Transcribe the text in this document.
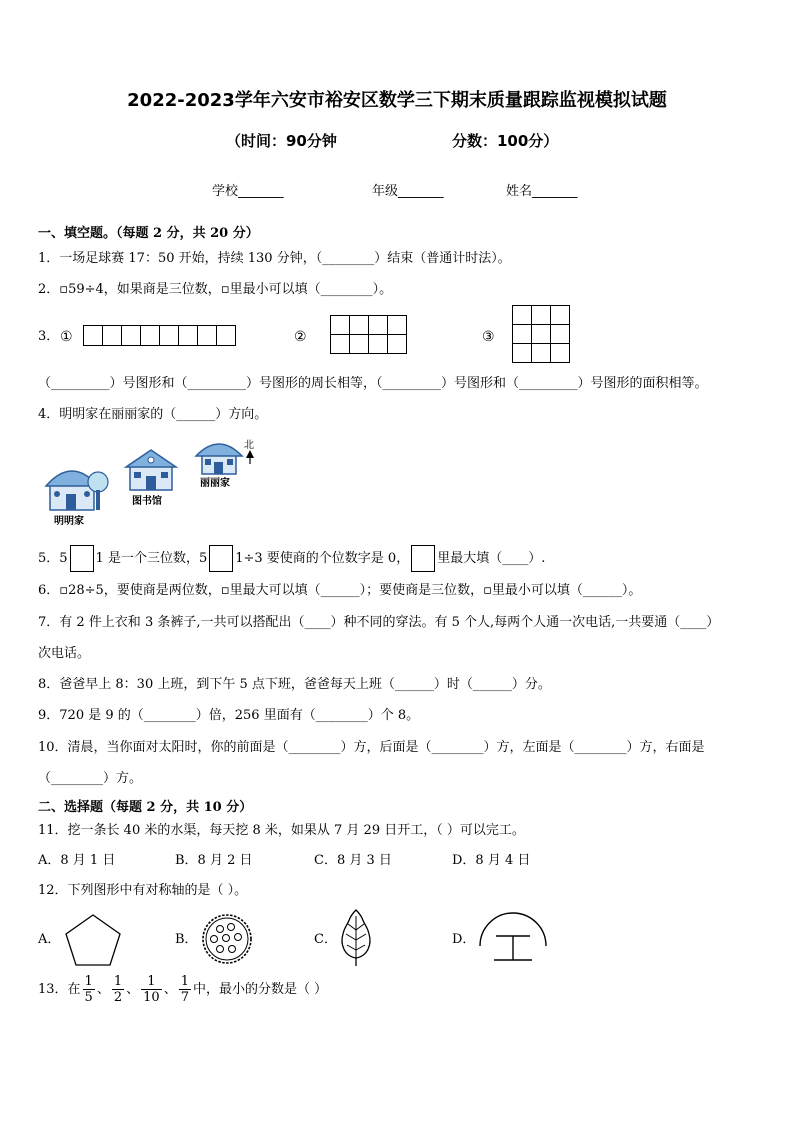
2022-2023学年六安市裕安区数学三下期末质量跟踪监视模拟试题
（时间：90分钟	分数：100分）
学校_______	年级_______	姓名_______
一、填空题。（每题 2 分，共 20 分）
1．一场足球赛 17：50 开始，持续 130 分钟，（________）结束（普通计时法）。
2．▫59÷4，如果商是三位数，▫里最小可以填（________）。
3． ①
								②

				③

（_________）号图形和（_________）号图形的周长相等，（_________）号图形和（_________）号图形的面积相等。
4．明明家在丽丽家的（______）方向。
北
明明家
图书馆
丽丽家
5．5 1 是一个三位数，5 1÷3 要使商的个位数字是 0， 里最大填（____）.
6．▫28÷5，要使商是两位数，▫里最大可以填（______）；要使商是三位数，▫里最小可以填（______）。
7．有 2 件上衣和 3 条裤子,一共可以搭配出（____）种不同的穿法。有 5 个人,每两个人通一次电话,一共要通（____）
次电话。
8．爸爸早上 8：30 上班，到下午 5 点下班，爸爸每天上班（______）时（______）分。
9．720 是 9 的（________）倍，256 里面有（________）个 8。
10．清晨，当你面对太阳时，你的前面是（________）方，后面是（________）方，左面是（________）方，右面是
（________）方。
二、选择题（每题 2 分，共 10 分）
11．挖一条长 40 米的水渠，每天挖 8 米，如果从 7 月 29 日开工，（ ）可以完工。
A．8 月 1 日	B．8 月 2 日	C．8 月 3 日	D．8 月 4 日
12．下列图形中有对称轴的是（ ）。
A．	B．	C．	D．
13．在 $\frac{1}{5}$ 、 $\frac{1}{2}$ 、 $\frac{1}{10}$ 、 $\frac{1}{7}$ 中，最小的分数是（ ）
